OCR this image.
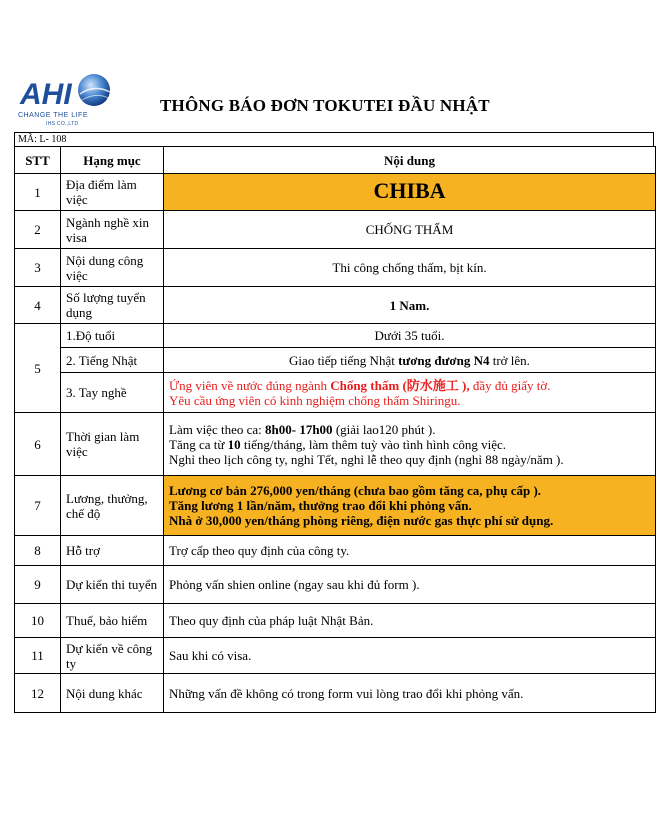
AHI
CHANGE THE LIFE
IHS CO.,LTD
THÔNG BÁO ĐƠN TOKUTEI ĐẦU NHẬT
MÃ: L- 108
STT	Hạng mục	Nội dung
1	Địa điểm làm việc	CHIBA
2	Ngành nghề xin visa	CHỐNG THẤM
3	Nội dung công việc	Thi công chống thấm, bịt kín.
4	Số lượng tuyển dụng	1 Nam.
5	1.Độ tuổi	Dưới 35 tuổi.
	2. Tiếng Nhật	Giao tiếp tiếng Nhật tương đương N4 trở lên.
	3. Tay nghề	Ứng viên về nước đúng ngành Chống thấm (防水施工 ), đầy đủ giấy tờ.
Yêu cầu ứng viên có kinh nghiệm chống thấm Shiringu.

6	Thời gian làm việc	Làm việc theo ca: 8h00- 17h00 (giải lao120 phút ).
Tăng ca từ 10 tiếng/tháng, làm thêm tuỳ vào tình hình công việc.
Nghỉ theo lịch công ty, nghỉ Tết, nghỉ lễ theo quy định (nghỉ 88 ngày/năm ).

7	Lương, thưởng, chế độ	Lương cơ bản 276,000 yen/tháng (chưa bao gồm tăng ca, phụ cấp ).
Tăng lương 1 lần/năm, thưởng trao đổi khi phỏng vấn.
Nhà ở 30,000 yen/tháng phòng riêng, điện nước gas thực phí sử dụng.

8	Hỗ trợ	Trợ cấp theo quy định của công ty.
9	Dự kiến thi tuyển	Phỏng vấn shien online (ngay sau khi đủ form ).
10	Thuế, bảo hiểm	Theo quy định của pháp luật Nhật Bản.
11	Dự kiến về công ty	Sau khi có visa.
12	Nội dung khác	Những vấn đề không có trong form vui lòng trao đổi khi phỏng vấn.
